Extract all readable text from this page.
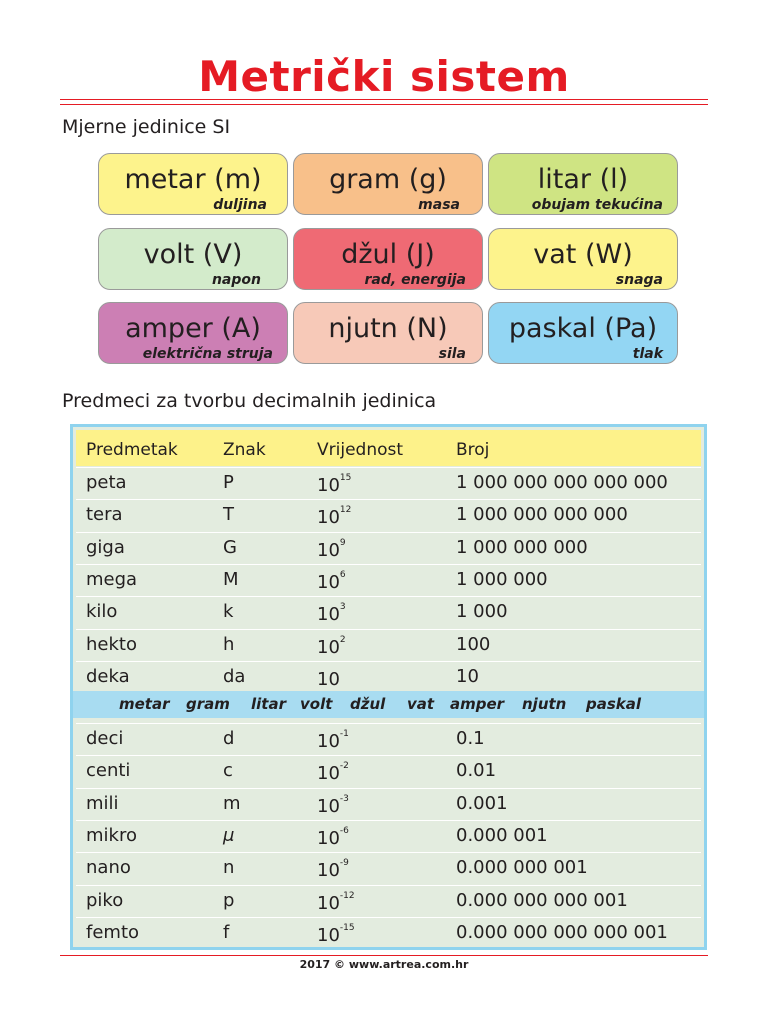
Metrički sistem
Mjerne jedinice SI
metar (m)
duljina
gram (g)
masa
litar (l)
obujam tekućina
volt (V)
napon
džul (J)
rad, energija
vat (W)
snaga
amper (A)
električna struja
njutn (N)
sila
paskal (Pa)
tlak
Predmeci za tvorbu decimalnih jedinica
Predmetak	Znak	Vrijednost	Broj
peta	P	$10^{15}$	1 000 000 000 000 000
tera	T	$10^{12}$	1 000 000 000 000
giga	G	$10^9$	1 000 000 000
mega	M	$10^6$	1 000 000
kilo	k	$10^3$	1 000
hekto	h	$10^2$	100
deka	da	10	10
deci	d	$10^{-1}$	0.1
centi	c	$10^{-2}$	0.01
mili	m	$10^{-3}$	0.001
mikro	μ	$10^{-6}$	0.000 001
nano	n	$10^{-9}$	0.000 000 001
piko	p	$10^{-12}$	0.000 000 000 001
femto	f	$10^{-15}$	0.000 000 000 000 001
metar gram litar volt džul vat amper njutn paskal
2017 © www.artrea.com.hr
